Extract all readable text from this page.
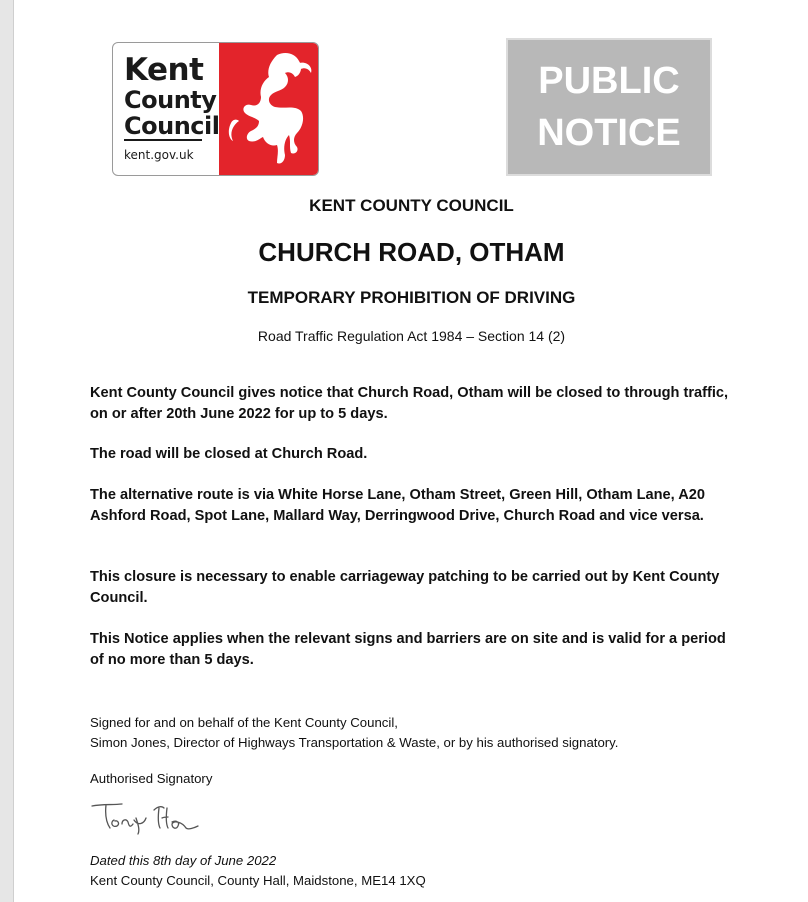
Kent
County
Council
kent.gov.uk
PUBLIC
NOTICE
KENT COUNTY COUNCIL
CHURCH ROAD, OTHAM
TEMPORARY PROHIBITION OF DRIVING
Road Traffic Regulation Act 1984 – Section 14 (2)

Kent County Council gives notice that Church Road, Otham will be closed to through traffic, on or after 20th June 2022 for up to 5 days.

The road will be closed at Church Road.

The alternative route is via White Horse Lane, Otham Street, Green Hill, Otham Lane, A20 Ashford Road, Spot Lane, Mallard Way, Derringwood Drive, Church Road and vice versa.

This closure is necessary to enable carriageway patching to be carried out by Kent County Council.

This Notice applies when the relevant signs and barriers are on site and is valid for a period of no more than 5 days.

Signed for and on behalf of the Kent County Council,

Simon Jones, Director of Highways Transportation & Waste, or by his authorised signatory.

Authorised Signatory

Dated this 8th day of June 2022

Kent County Council, County Hall, Maidstone, ME14 1XQ
